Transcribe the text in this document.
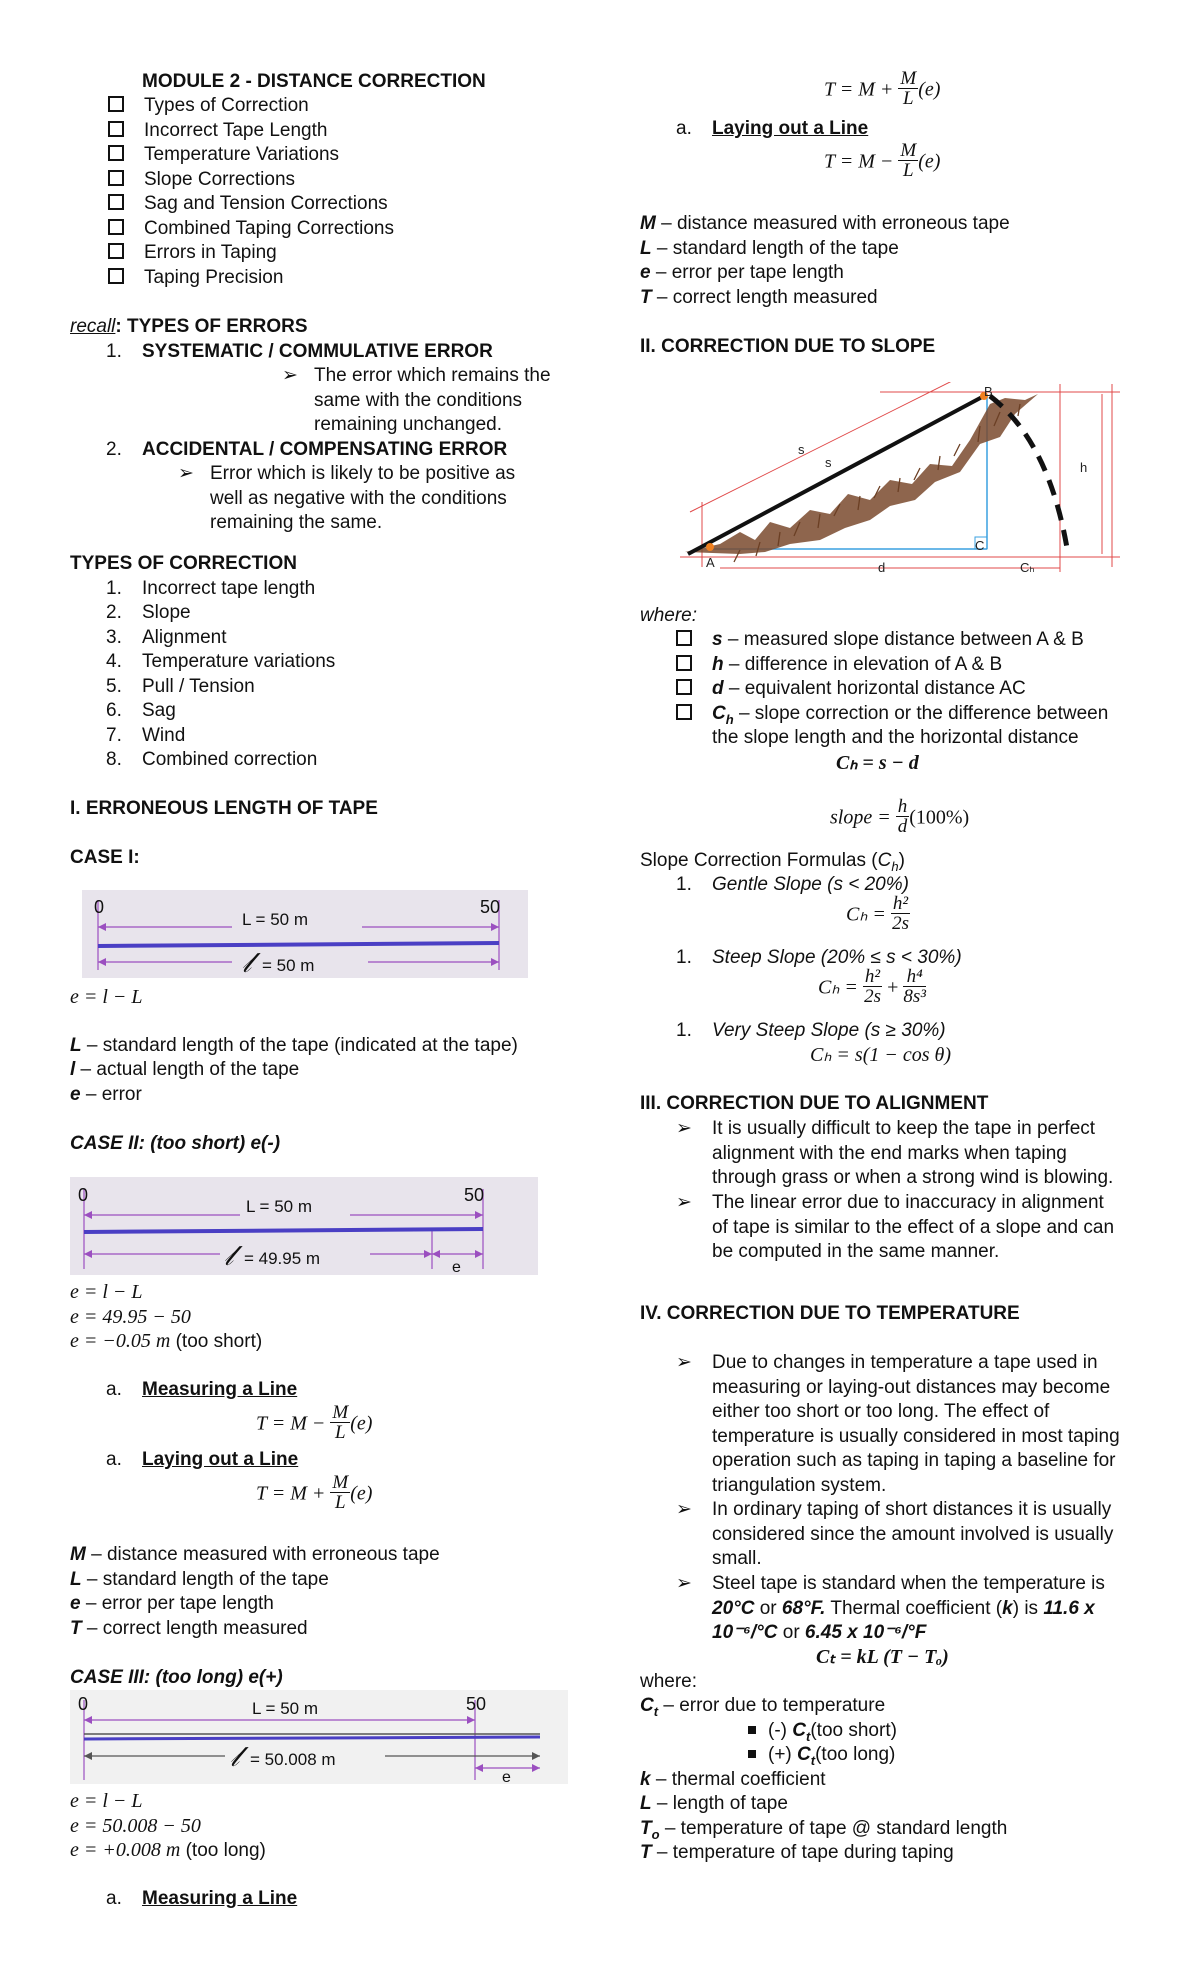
MODULE 2 - DISTANCE CORRECTION
Types of Correction
Incorrect Tape Length
Temperature Variations
Slope Corrections
Sag and Tension Corrections
Combined Taping Corrections
Errors in Taping
Taping Precision
recall: TYPES OF ERRORS
1. SYSTEMATIC / COMMULATIVE ERROR
➢ The error which remains the
same with the conditions
remaining unchanged.
2. ACCIDENTAL / COMPENSATING ERROR
➢ Error which is likely to be positive as
well as negative with the conditions
remaining the same.
TYPES OF CORRECTION
1. Incorrect tape length
2. Slope
3. Alignment
4. Temperature variations
5. Pull / Tension
6. Sag
7. Wind
8. Combined correction
I. ERRONEOUS LENGTH OF TAPE
CASE I:
0	50
L = 50 m
𝓁 = 50 m
e = l − L
L – standard length of the tape (indicated at the tape)
l – actual length of the tape
e – error
CASE II: (too short) e(-)
0	50
L = 50 m
𝓁 = 49.95 m	e
e = l − L
e = 49.95 − 50
e = −0.05 m (too short)
a. Measuring a Line
$T = M - \frac{M}{L} (e)$
a. Laying out a Line
$T = M + \frac{M}{L} (e)$
M – distance measured with erroneous tape
L – standard length of the tape
e – error per tape length
T – correct length measured
CASE III: (too long) e(+)
0	50
L = 50 m
𝓁 = 50.008 m
e
e = l − L
e = 50.008 − 50
e = +0.008 m (too long)
a. Measuring a Line
$T = M + \frac{M}{L} (e)$
a. Laying out a Line
$T = M - \frac{M}{L} (e)$
M – distance measured with erroneous tape
L – standard length of the tape
e – error per tape length
T – correct length measured
II. CORRECTION DUE TO SLOPE
B
A
C
s
s	h
d	Cₕ
where:
s – measured slope distance between A & B
h – difference in elevation of A & B
d – equivalent horizontal distance AC
$C_h$ – slope correction or the difference between
the slope length and the horizontal distance
Cₕ = s − d
slope = $\frac{h}{d} (100\%)$
Slope Correction Formulas $(C_h)$
1. Gentle Slope (s < 20%)
$C_h = \frac{\text{h²}}{2s}$
1. Steep Slope (20% ≤ s < 30%)
$C_h = \frac{\text{h²}}{2s} + \frac{\text{h⁴}}{\text{8s³}}$
1. Very Steep Slope (s ≥ 30%)
Cₕ = s(1 − cos θ)
III. CORRECTION DUE TO ALIGNMENT
➢ It is usually difficult to keep the tape in perfect
alignment with the end marks when taping
through grass or when a strong wind is blowing.
➢ The linear error due to inaccuracy in alignment
of tape is similar to the effect of a slope and can
be computed in the same manner.
IV. CORRECTION DUE TO TEMPERATURE
➢ Due to changes in temperature a tape used in
measuring or laying-out distances may become
either too short or too long. The effect of
temperature is usually considered in most taping
operation such as taping in taping a baseline for
triangulation system.
➢ In ordinary taping of short distances it is usually
considered since the amount involved is usually
small.
➢ Steel tape is standard when the temperature is
20°C or 68°F. Thermal coefficient (k) is 11.6 x
10⁻⁶/°C or 6.45 x 10⁻⁶/°F
Cₜ = kL (T − Tₒ)
where:
$C_t$ – error due to temperature
(-) $C_t(too$ short)
(+) $C_t(too$ long)
k – thermal coefficient
L – length of tape
$T_o$ – temperature of tape @ standard length
T – temperature of tape during taping
